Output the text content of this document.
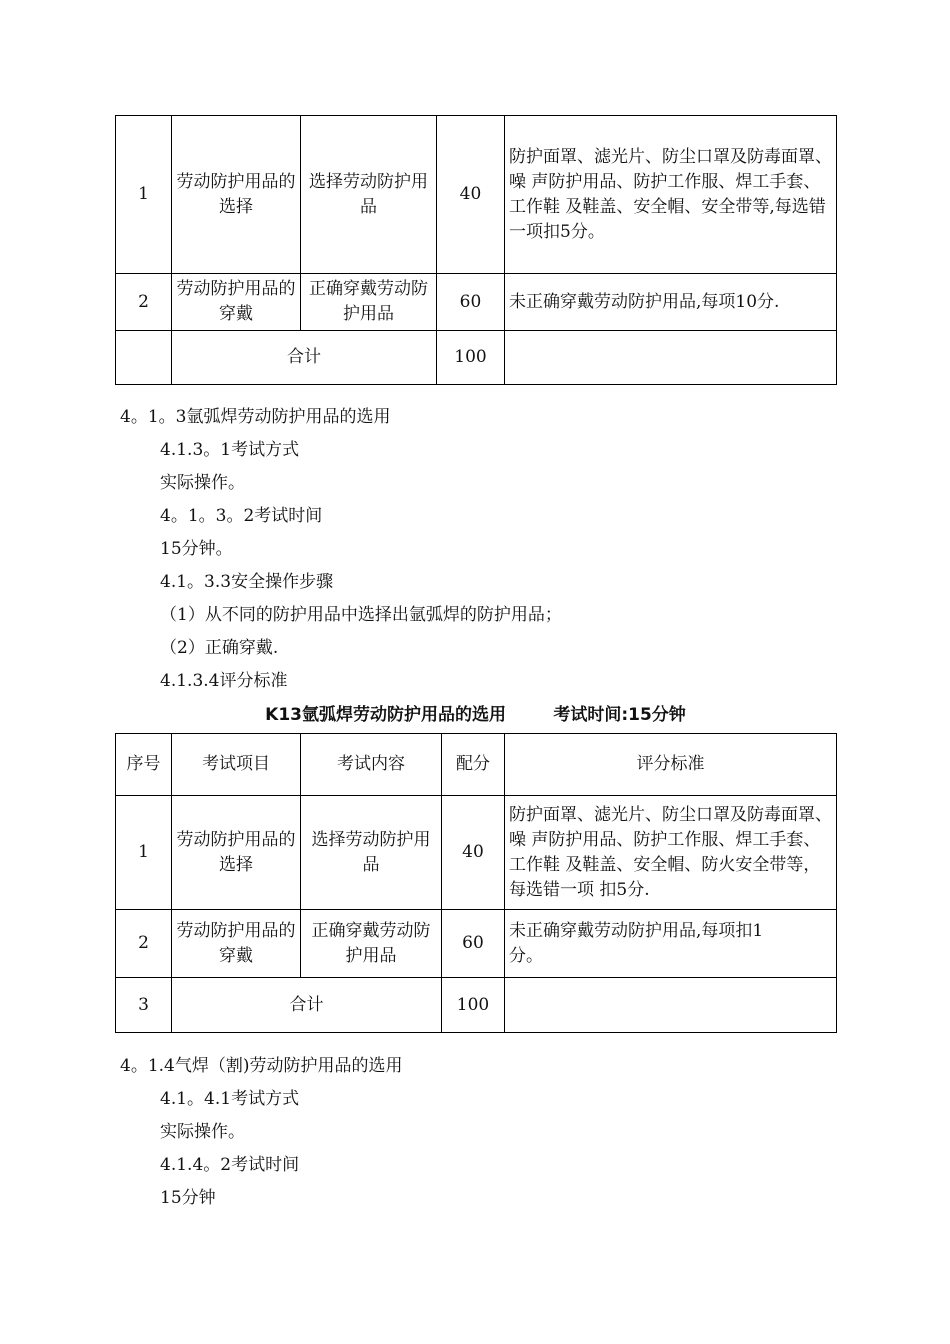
1	劳动防护用品的选择	选择劳动防护用品	40	防护面罩、滤光片、防尘口罩及防毒面罩、噪 声防护用品、防护工作服、焊工手套、工作鞋 及鞋盖、安全帽、安全带等,每选错一项扣5分。
2	劳动防护用品的穿戴	正确穿戴劳动防护用品	60	未正确穿戴劳动防护用品,每项10分.
	合计		100	
4。1。3氩弧焊劳动防护用品的选用
4.1.3。1考试方式
实际操作。
4。1。3。2考试时间
15分钟。
4.1。3.3安全操作步骤
（1）从不同的防护用品中选择出氩弧焊的防护用品；
（2）正确穿戴.
4.1.3.4评分标准
K13氩弧焊劳动防护用品的选用        考试时间:15分钟
序号	考试项目	考试内容	配分	评分标准
1	劳动防护用品的选择	选择劳动防护用品	40	防护面罩、滤光片、防尘口罩及防毒面罩、噪 声防护用品、防护工作服、焊工手套、工作鞋 及鞋盖、安全帽、防火安全带等，每选错一项 扣5分.
2	劳动防护用品的穿戴	正确穿戴劳动防护用品	60	未正确穿戴劳动防护用品,每项扣1分。
3	合计		100	
4。1.4气焊（割)劳动防护用品的选用
4.1。4.1考试方式
实际操作。
4.1.4。2考试时间
15分钟
